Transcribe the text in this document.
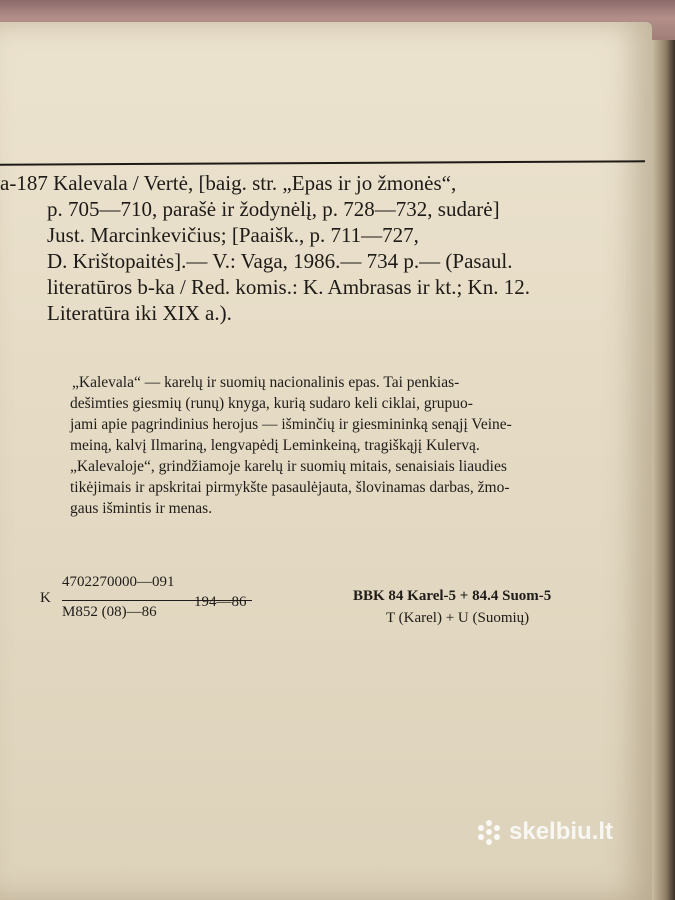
a-187 Kalevala / Vertė, [baig. str. „Epas ir jo žmonės“,
p. 705—710, parašė ir žodynėlį, p. 728—732, sudarė]
Just. Marcinkevičius; [Paaišk., p. 711—727,
D. Krištopaitės].— V.: Vaga, 1986.— 734 p.— (Pasaul.
literatūros b-ka / Red. komis.: K. Ambrasas ir kt.; Kn. 12.
Literatūra iki XIX a.).
„Kalevala“ — karelų ir suomių nacionalinis epas. Tai penkias-
dešimties giesmių (runų) knyga, kurią sudaro keli ciklai, grupuo-
jami apie pagrindinius herojus — išminčių ir giesmininką senąjį Veine-
meiną, kalvį Ilmariną, lengvapėdį Leminkeiną, tragiškąjį Kulervą.
„Kalevaloje“, grindžiamoje karelų ir suomių mitais, senaisiais liaudies
tikėjimais ir apskritai pirmykšte pasaulėjauta, šlovinamas darbas, žmo-
gaus išmintis ir menas.
K
4702270000—091
M852 (08)—86
194—86	BBK 84 Karel-5 + 84.4 Suom-5
T (Karel) + U (Suomių)
skelbiu.lt
